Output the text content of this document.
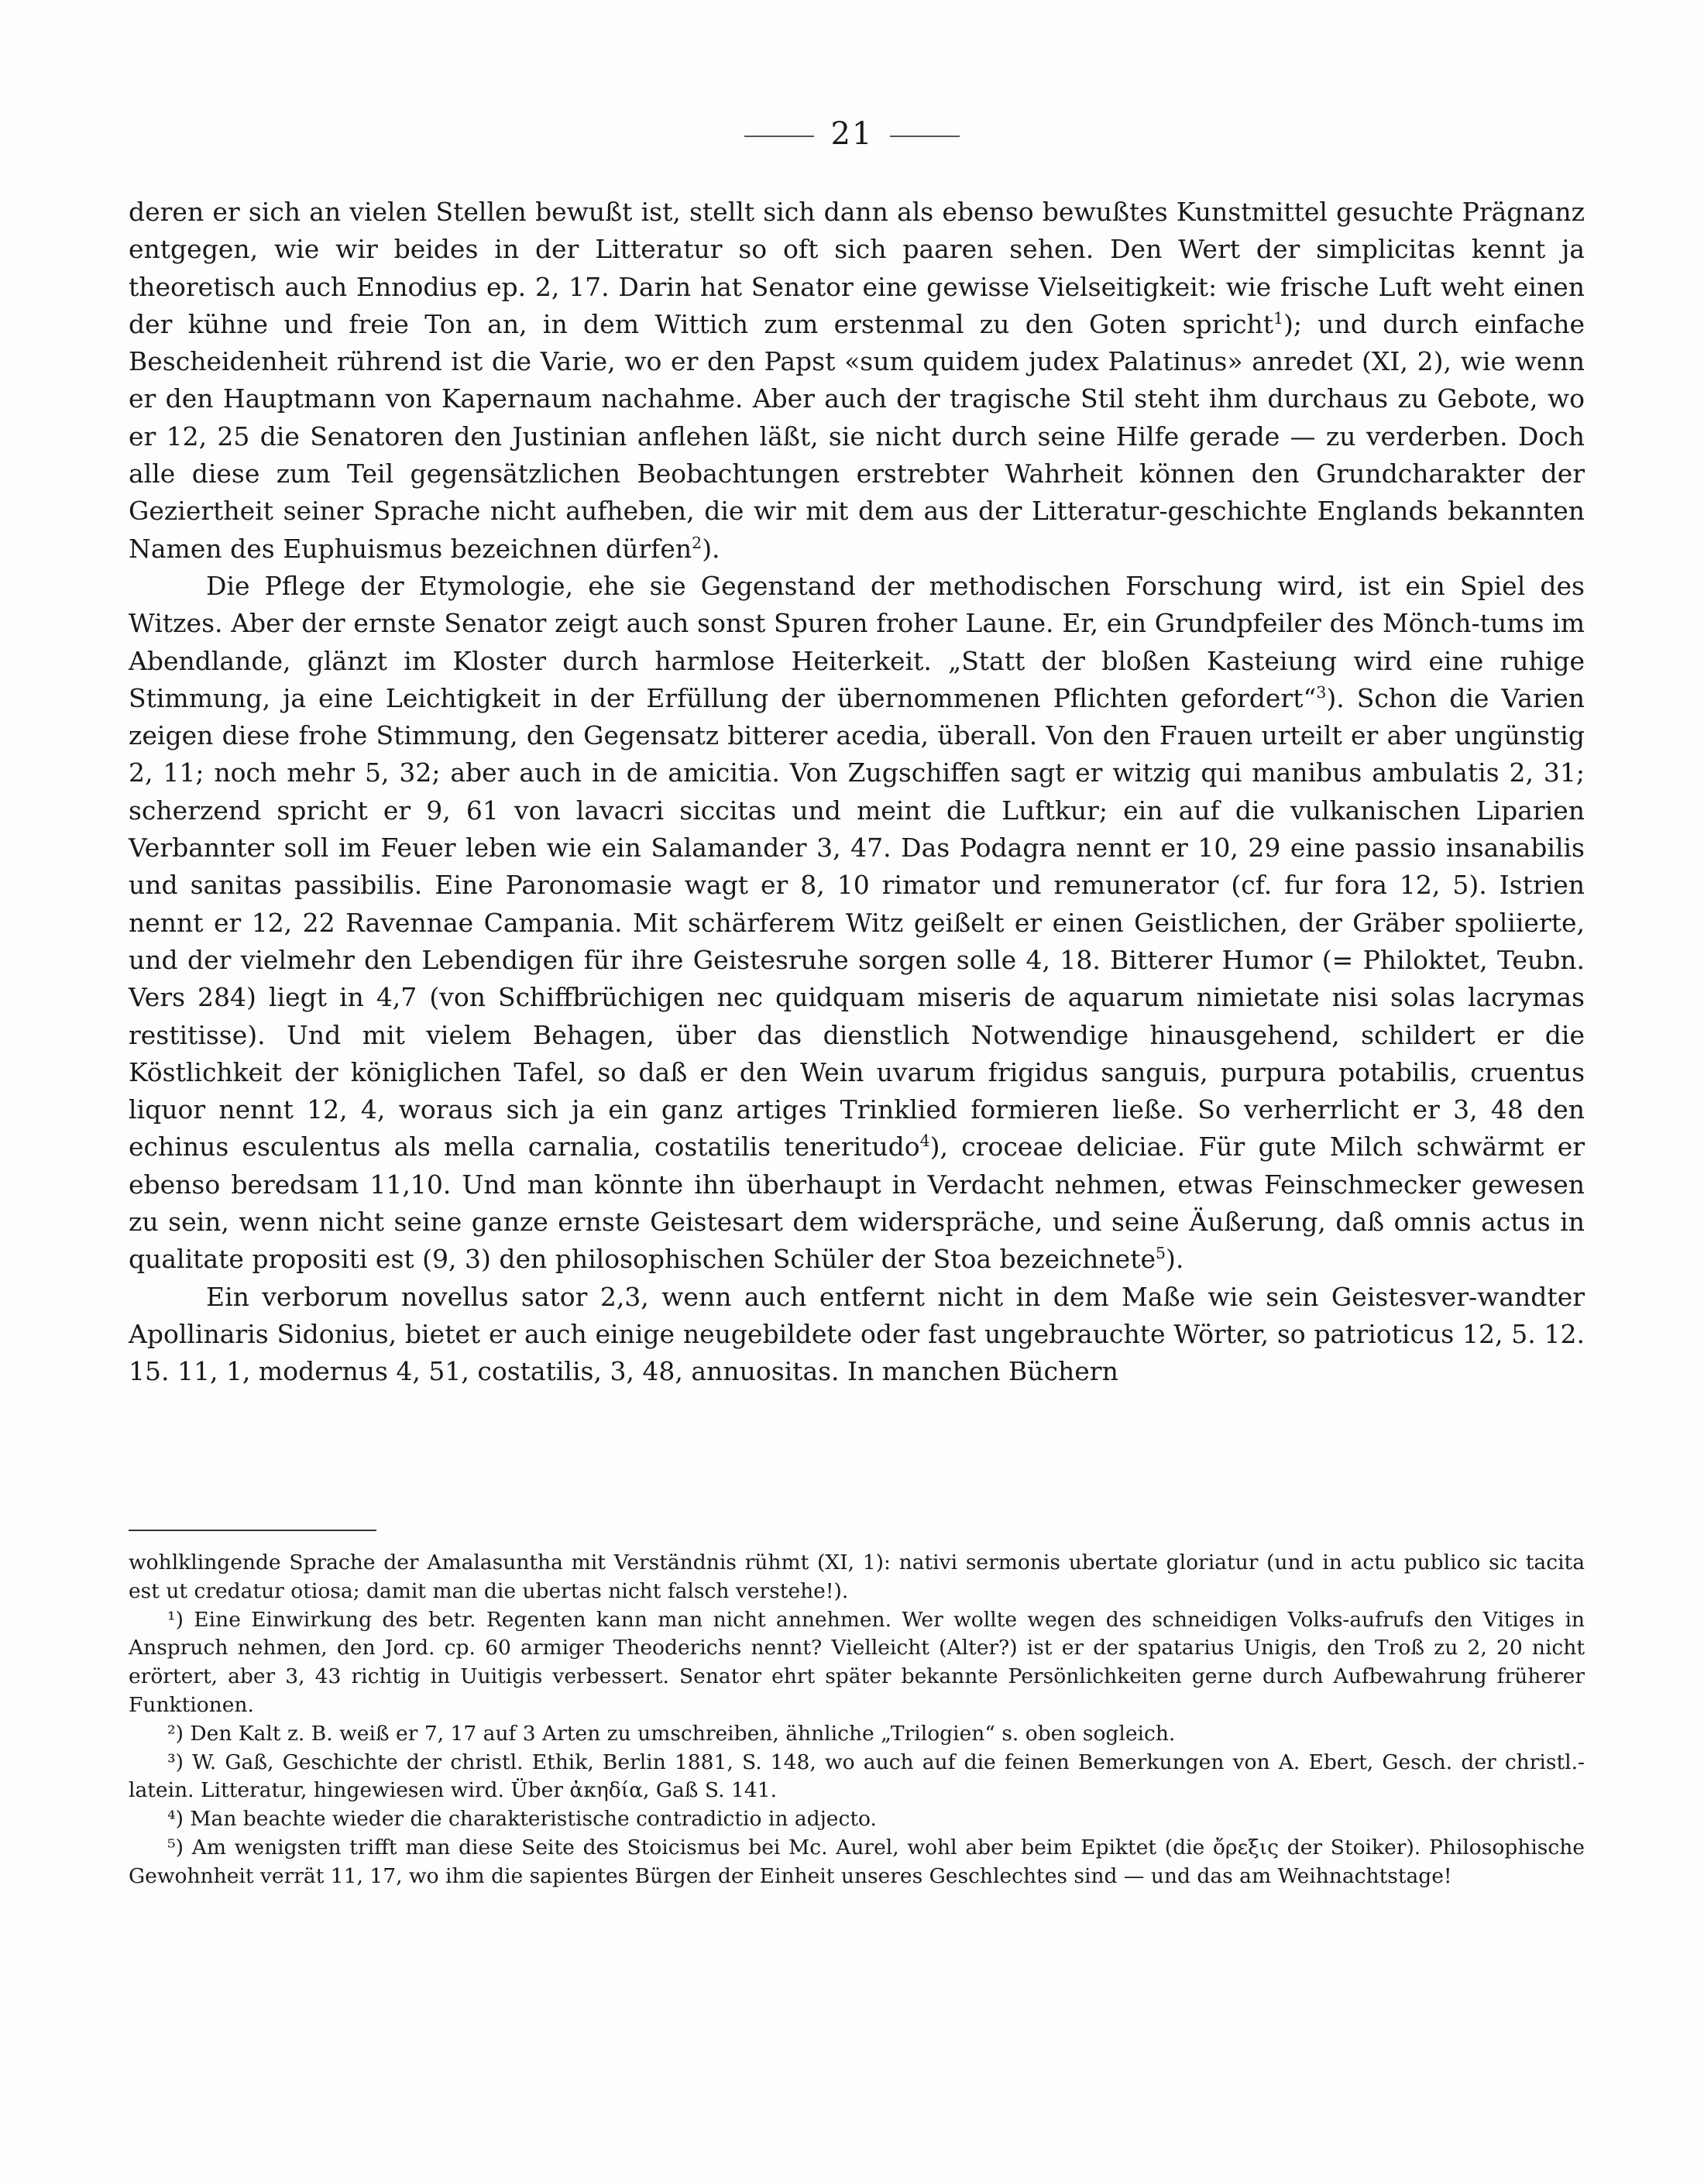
21

deren er sich an vielen Stellen bewußt ist, stellt sich dann als ebenso bewußtes Kunstmittel gesuchte Prägnanz entgegen, wie wir beides in der Litteratur so oft sich paaren sehen. Den Wert der simplicitas kennt ja theoretisch auch Ennodius ep. 2, 17. Darin hat Senator eine gewisse Vielseitigkeit: wie frische Luft weht einen der kühne und freie Ton an, in dem Wittich zum erstenmal zu den Goten spricht$^1$); und durch einfache Bescheidenheit rührend ist die Varie, wo er den Papst «sum quidem judex Palatinus» anredet (XI, 2), wie wenn er den Hauptmann von Kapernaum nachahme. Aber auch der tragische Stil steht ihm durchaus zu Gebote, wo er 12, 25 die Senatoren den Justinian anflehen läßt, sie nicht durch seine Hilfe gerade — zu verderben. Doch alle diese zum Teil gegensätzlichen Beobachtungen erstrebter Wahrheit können den Grundcharakter der Geziertheit seiner Sprache nicht aufheben, die wir mit dem aus der Litteratur-geschichte Englands bekannten Namen des Euphuismus bezeichnen dürfen$^2$).

Die Pflege der Etymologie, ehe sie Gegenstand der methodischen Forschung wird, ist ein Spiel des Witzes. Aber der ernste Senator zeigt auch sonst Spuren froher Laune. Er, ein Grundpfeiler des Mönch-tums im Abendlande, glänzt im Kloster durch harmlose Heiterkeit. „Statt der bloßen Kasteiung wird eine ruhige Stimmung, ja eine Leichtigkeit in der Erfüllung der übernommenen Pflichten gefordert“$^3$). Schon die Varien zeigen diese frohe Stimmung, den Gegensatz bitterer acedia, überall. Von den Frauen urteilt er aber ungünstig 2, 11; noch mehr 5, 32; aber auch in de amicitia. Von Zugschiffen sagt er witzig qui manibus ambulatis 2, 31; scherzend spricht er 9, 61 von lavacri siccitas und meint die Luftkur; ein auf die vulkanischen Liparien Verbannter soll im Feuer leben wie ein Salamander 3, 47. Das Podagra nennt er 10, 29 eine passio insanabilis und sanitas passibilis. Eine Paronomasie wagt er 8, 10 rimator und remunerator (cf. fur fora 12, 5). Istrien nennt er 12, 22 Ravennae Campania. Mit schärferem Witz geißelt er einen Geistlichen, der Gräber spoliierte, und der vielmehr den Lebendigen für ihre Geistesruhe sorgen solle 4, 18. Bitterer Humor (= Philoktet, Teubn. Vers 284) liegt in 4,7 (von Schiffbrüchigen nec quidquam miseris de aquarum nimietate nisi solas lacrymas restitisse). Und mit vielem Behagen, über das dienstlich Notwendige hinausgehend, schildert er die Köstlichkeit der königlichen Tafel, so daß er den Wein uvarum frigidus sanguis, purpura potabilis, cruentus liquor nennt 12, 4, woraus sich ja ein ganz artiges Trinklied formieren ließe. So verherrlicht er 3, 48 den echinus esculentus als mella carnalia, costatilis teneritudo$^4$), croceae deliciae. Für gute Milch schwärmt er ebenso beredsam 11,10. Und man könnte ihn überhaupt in Verdacht nehmen, etwas Feinschmecker gewesen zu sein, wenn nicht seine ganze ernste Geistesart dem widerspräche, und seine Äußerung, daß omnis actus in qualitate propositi est (9, 3) den philosophischen Schüler der Stoa bezeichnete$^5$).

Ein verborum novellus sator 2,3, wenn auch entfernt nicht in dem Maße wie sein Geistesver-wandter Apollinaris Sidonius, bietet er auch einige neugebildete oder fast ungebrauchte Wörter, so patrioticus 12, 5. 12. 15. 11, 1, modernus 4, 51, costatilis, 3, 48, annuositas. In manchen Büchern

wohlklingende Sprache der Amalasuntha mit Verständnis rühmt (XI, 1): nativi sermonis ubertate gloriatur (und in actu publico sic tacita est ut credatur otiosa; damit man die ubertas nicht falsch verstehe!).

¹) Eine Einwirkung des betr. Regenten kann man nicht annehmen. Wer wollte wegen des schneidigen Volks-aufrufs den Vitiges in Anspruch nehmen, den Jord. cp. 60 armiger Theoderichs nennt? Vielleicht (Alter?) ist er der spatarius Unigis, den Troß zu 2, 20 nicht erörtert, aber 3, 43 richtig in Uuitigis verbessert. Senator ehrt später bekannte Persönlichkeiten gerne durch Aufbewahrung früherer Funktionen.

²) Den Kalt z. B. weiß er 7, 17 auf 3 Arten zu umschreiben, ähnliche „Trilogien“ s. oben sogleich.

³) W. Gaß, Geschichte der christl. Ethik, Berlin 1881, S. 148, wo auch auf die feinen Bemerkungen von A. Ebert, Gesch. der christl.-latein. Litteratur, hingewiesen wird. Über ἀκηδία, Gaß S. 141.

⁴) Man beachte wieder die charakteristische contradictio in adjecto.

⁵) Am wenigsten trifft man diese Seite des Stoicismus bei Mc. Aurel, wohl aber beim Epiktet (die ὄρεξις der Stoiker). Philosophische Gewohnheit verrät 11, 17, wo ihm die sapientes Bürgen der Einheit unseres Geschlechtes sind — und das am Weihnachtstage!
